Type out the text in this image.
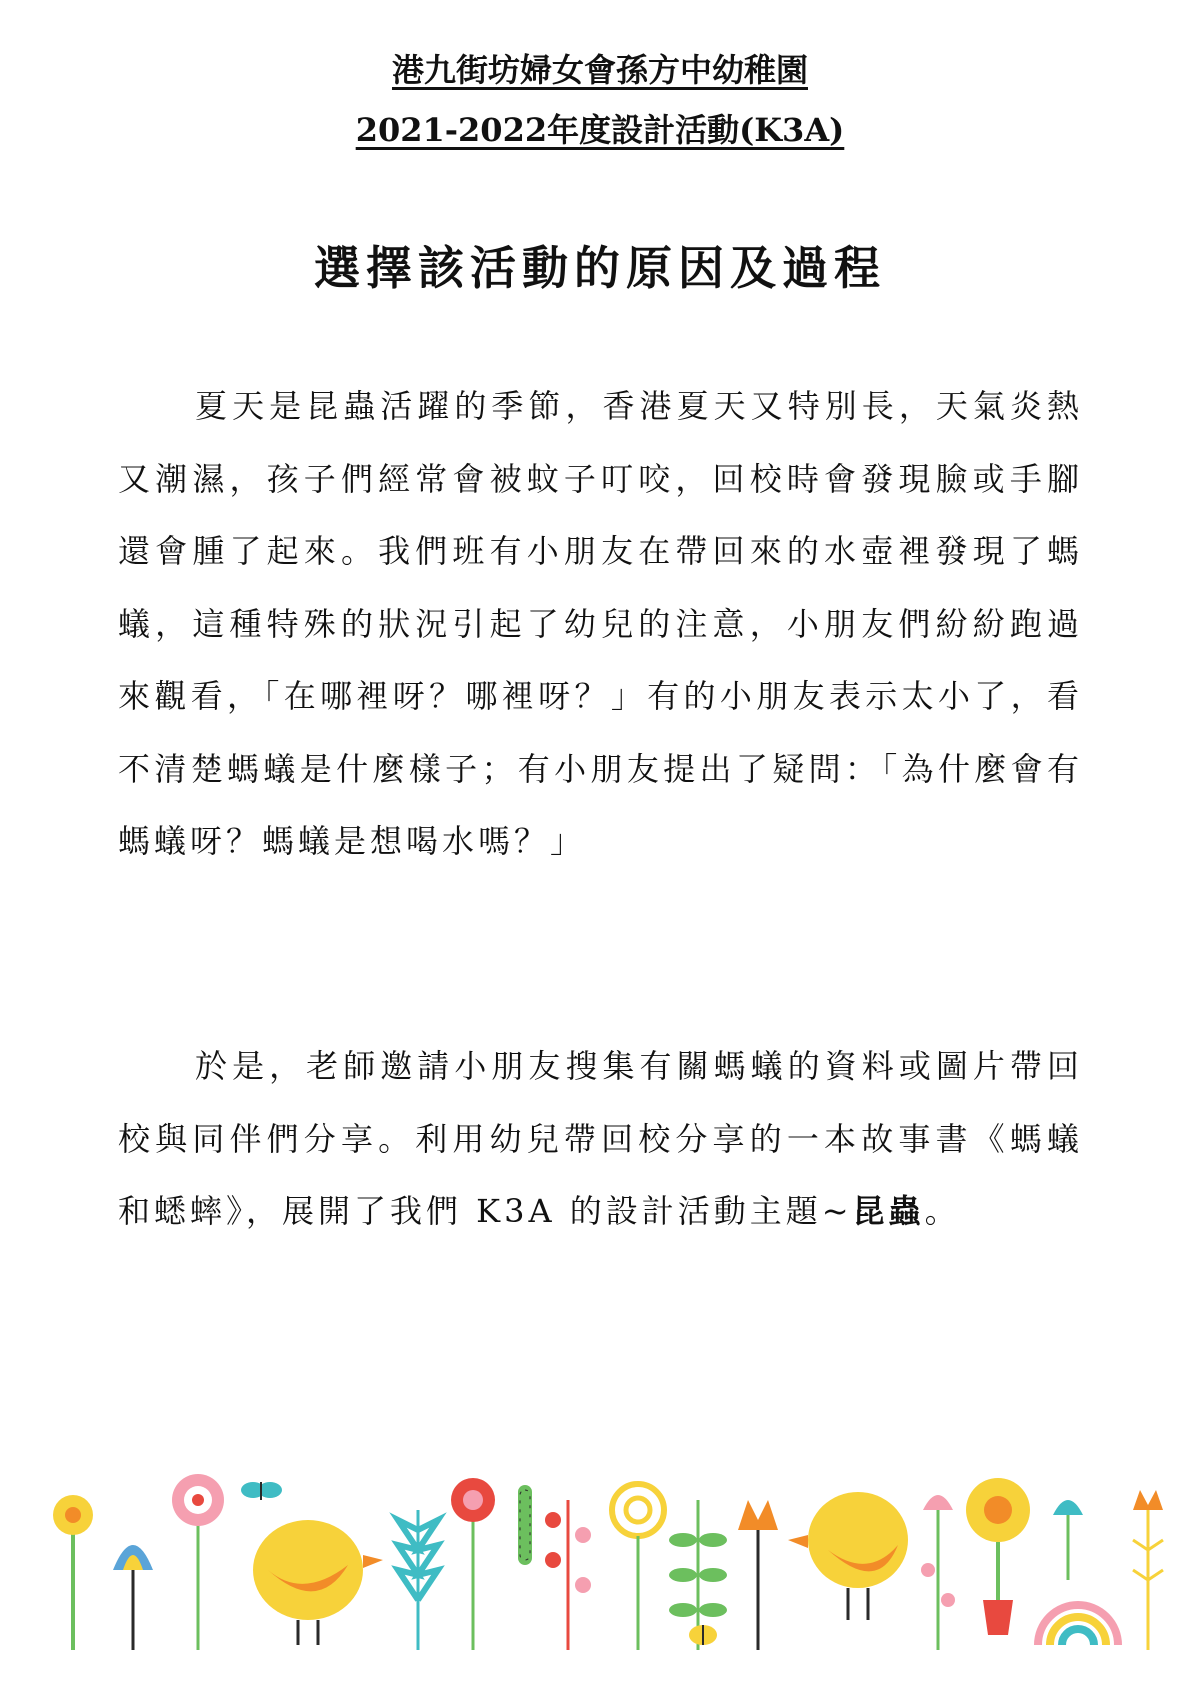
港九街坊婦女會孫方中幼稚園
2021-2022年度設計活動(K3A)
選擇該活動的原因及過程

夏天是昆蟲活躍的季節，香港夏天又特別長，天氣炎熱又潮濕，孩子們經常會被蚊子叮咬，回校時會發現臉或手腳還會腫了起來。我們班有小朋友在帶回來的水壺裡發現了螞蟻，這種特殊的狀況引起了幼兒的注意，小朋友們紛紛跑過來觀看，「在哪裡呀？哪裡呀？」有的小朋友表示太小了，看不清楚螞蟻是什麼樣子；有小朋友提出了疑問：「為什麼會有螞蟻呀？螞蟻是想喝水嗎？」

於是，老師邀請小朋友搜集有關螞蟻的資料或圖片帶回校與同伴們分享。利用幼兒帶回校分享的一本故事書《螞蟻和蟋蟀》，展開了我們 K3A 的設計活動主題~昆蟲。
